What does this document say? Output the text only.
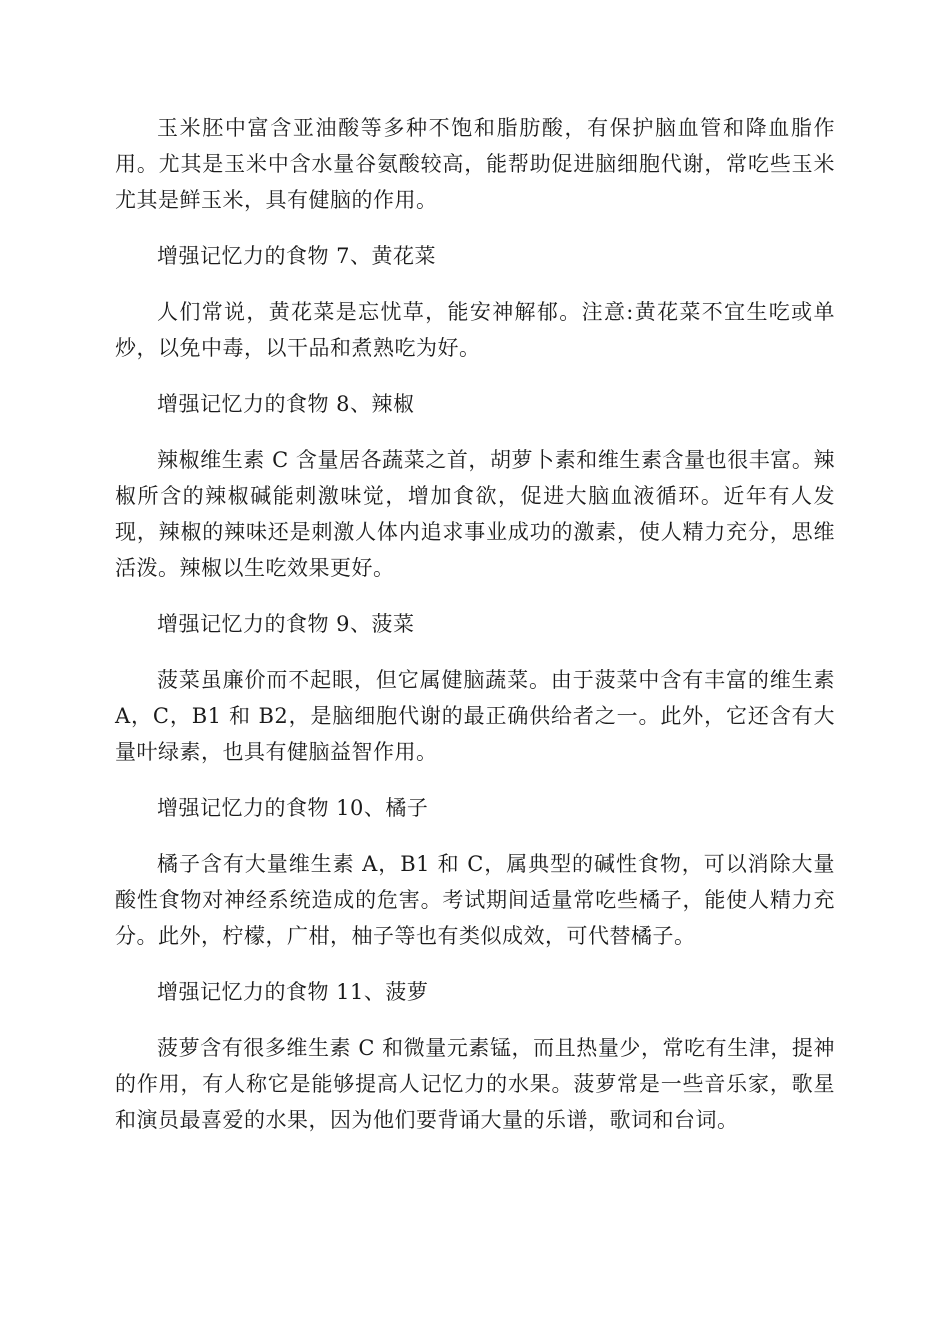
玉米胚中富含亚油酸等多种不饱和脂肪酸，有保护脑血管和降血脂作用。尤其是玉米中含水量谷氨酸较高，能帮助促进脑细胞代谢，常吃些玉米尤其是鲜玉米，具有健脑的作用。

增强记忆力的食物 7、黄花菜

人们常说，黄花菜是忘忧草，能安神解郁。注意:黄花菜不宜生吃或单炒，以免中毒，以干品和煮熟吃为好。

增强记忆力的食物 8、辣椒

辣椒维生素 C 含量居各蔬菜之首，胡萝卜素和维生素含量也很丰富。辣椒所含的辣椒碱能刺激味觉，增加食欲，促进大脑血液循环。近年有人发现，辣椒的辣味还是刺激人体内追求事业成功的激素，使人精力充分，思维活泼。辣椒以生吃效果更好。

增强记忆力的食物 9、菠菜

菠菜虽廉价而不起眼，但它属健脑蔬菜。由于菠菜中含有丰富的维生素 A，C，B1 和 B2，是脑细胞代谢的最正确供给者之一。此外，它还含有大量叶绿素，也具有健脑益智作用。

增强记忆力的食物 10、橘子

橘子含有大量维生素 A，B1 和 C，属典型的碱性食物，可以消除大量酸性食物对神经系统造成的危害。考试期间适量常吃些橘子，能使人精力充分。此外，柠檬，广柑，柚子等也有类似成效，可代替橘子。

增强记忆力的食物 11、菠萝

菠萝含有很多维生素 C 和微量元素锰，而且热量少，常吃有生津，提神的作用，有人称它是能够提高人记忆力的水果。菠萝常是一些音乐家，歌星和演员最喜爱的水果，因为他们要背诵大量的乐谱，歌词和台词。
